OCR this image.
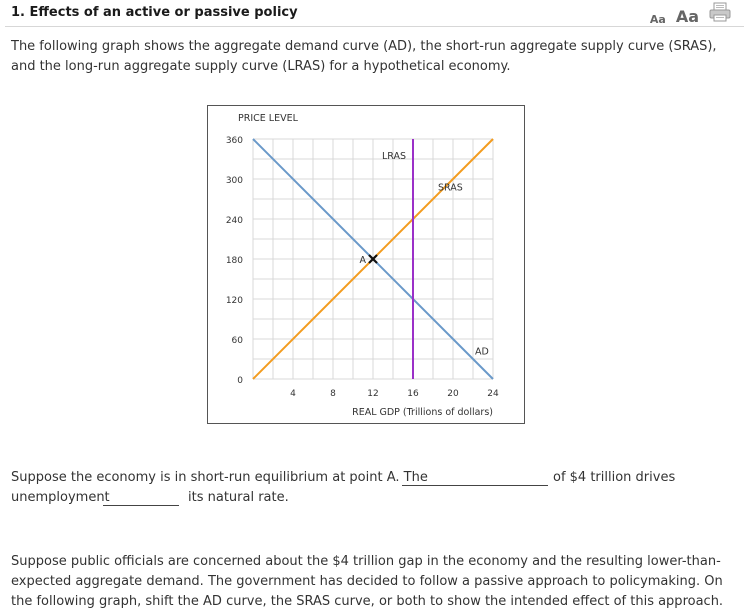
1. Effects of an active or passive policy	Aa Aa
The following graph shows the aggregate demand curve (AD), the short-run aggregate supply curve (SRAS), and the long-run aggregate supply curve (LRAS) for a hypothetical economy.
0
60
120
180
240
300
360
4	8	12	16	20	24
PRICE LEVEL
REAL GDP (Trillions of dollars)
AD
SRAS
LRAS
A
Suppose the economy is in short-run equilibrium at point A. The	of $4 trillion drives
unemployment	its natural rate.
Suppose public officials are concerned about the $4 trillion gap in the economy and the resulting lower-than-expected aggregate demand. The government has decided to follow a passive approach to policymaking. On the following graph, shift the AD curve, the SRAS curve, or both to show the intended effect of this approach.
